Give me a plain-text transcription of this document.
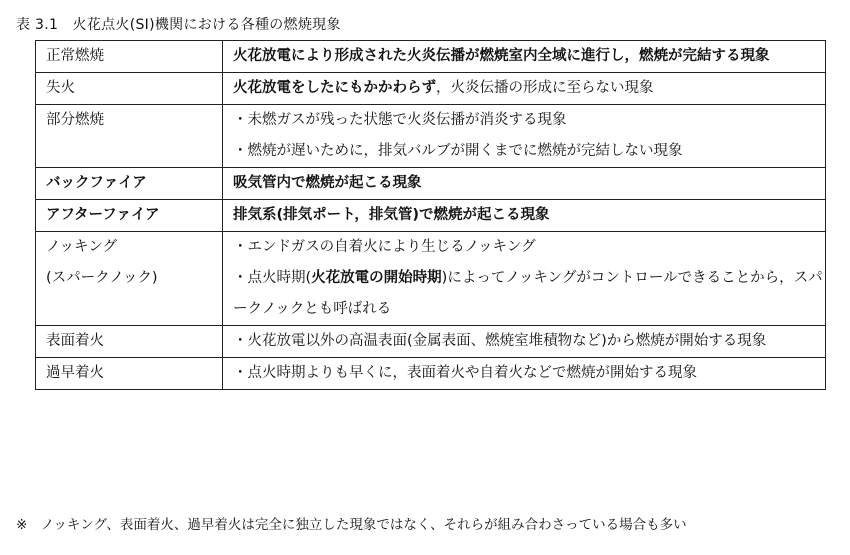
表 3.1　火花点火(SI)機関における各種の燃焼現象
正常燃焼	火花放電により形成された火炎伝播が燃焼室内全域に進行し，燃焼が完結する現象

失火	火花放電をしたにもかかわらず，火炎伝播の形成に至らない現象

部分燃焼	・未燃ガスが残った状態で火炎伝播が消炎する現象
・燃焼が遅いために，排気バルブが開くまでに燃焼が完結しない現象

バックファイア	吸気管内で燃焼が起こる現象

アフターファイア	排気系(排気ポート，排気管)で燃焼が起こる現象

ノッキング
(スパークノック)	・エンドガスの自着火により生じるノッキング
・点火時期(火花放電の開始時期)によってノッキングがコントロールできることから，スパークノックとも呼ばれる

表面着火	・火花放電以外の高温表面(金属表面、燃焼室堆積物など)から燃焼が開始する現象

過早着火	・点火時期よりも早くに，表面着火や自着火などで燃焼が開始する現象
※　ノッキング、表面着火、過早着火は完全に独立した現象ではなく、それらが組み合わさっている場合も多い
